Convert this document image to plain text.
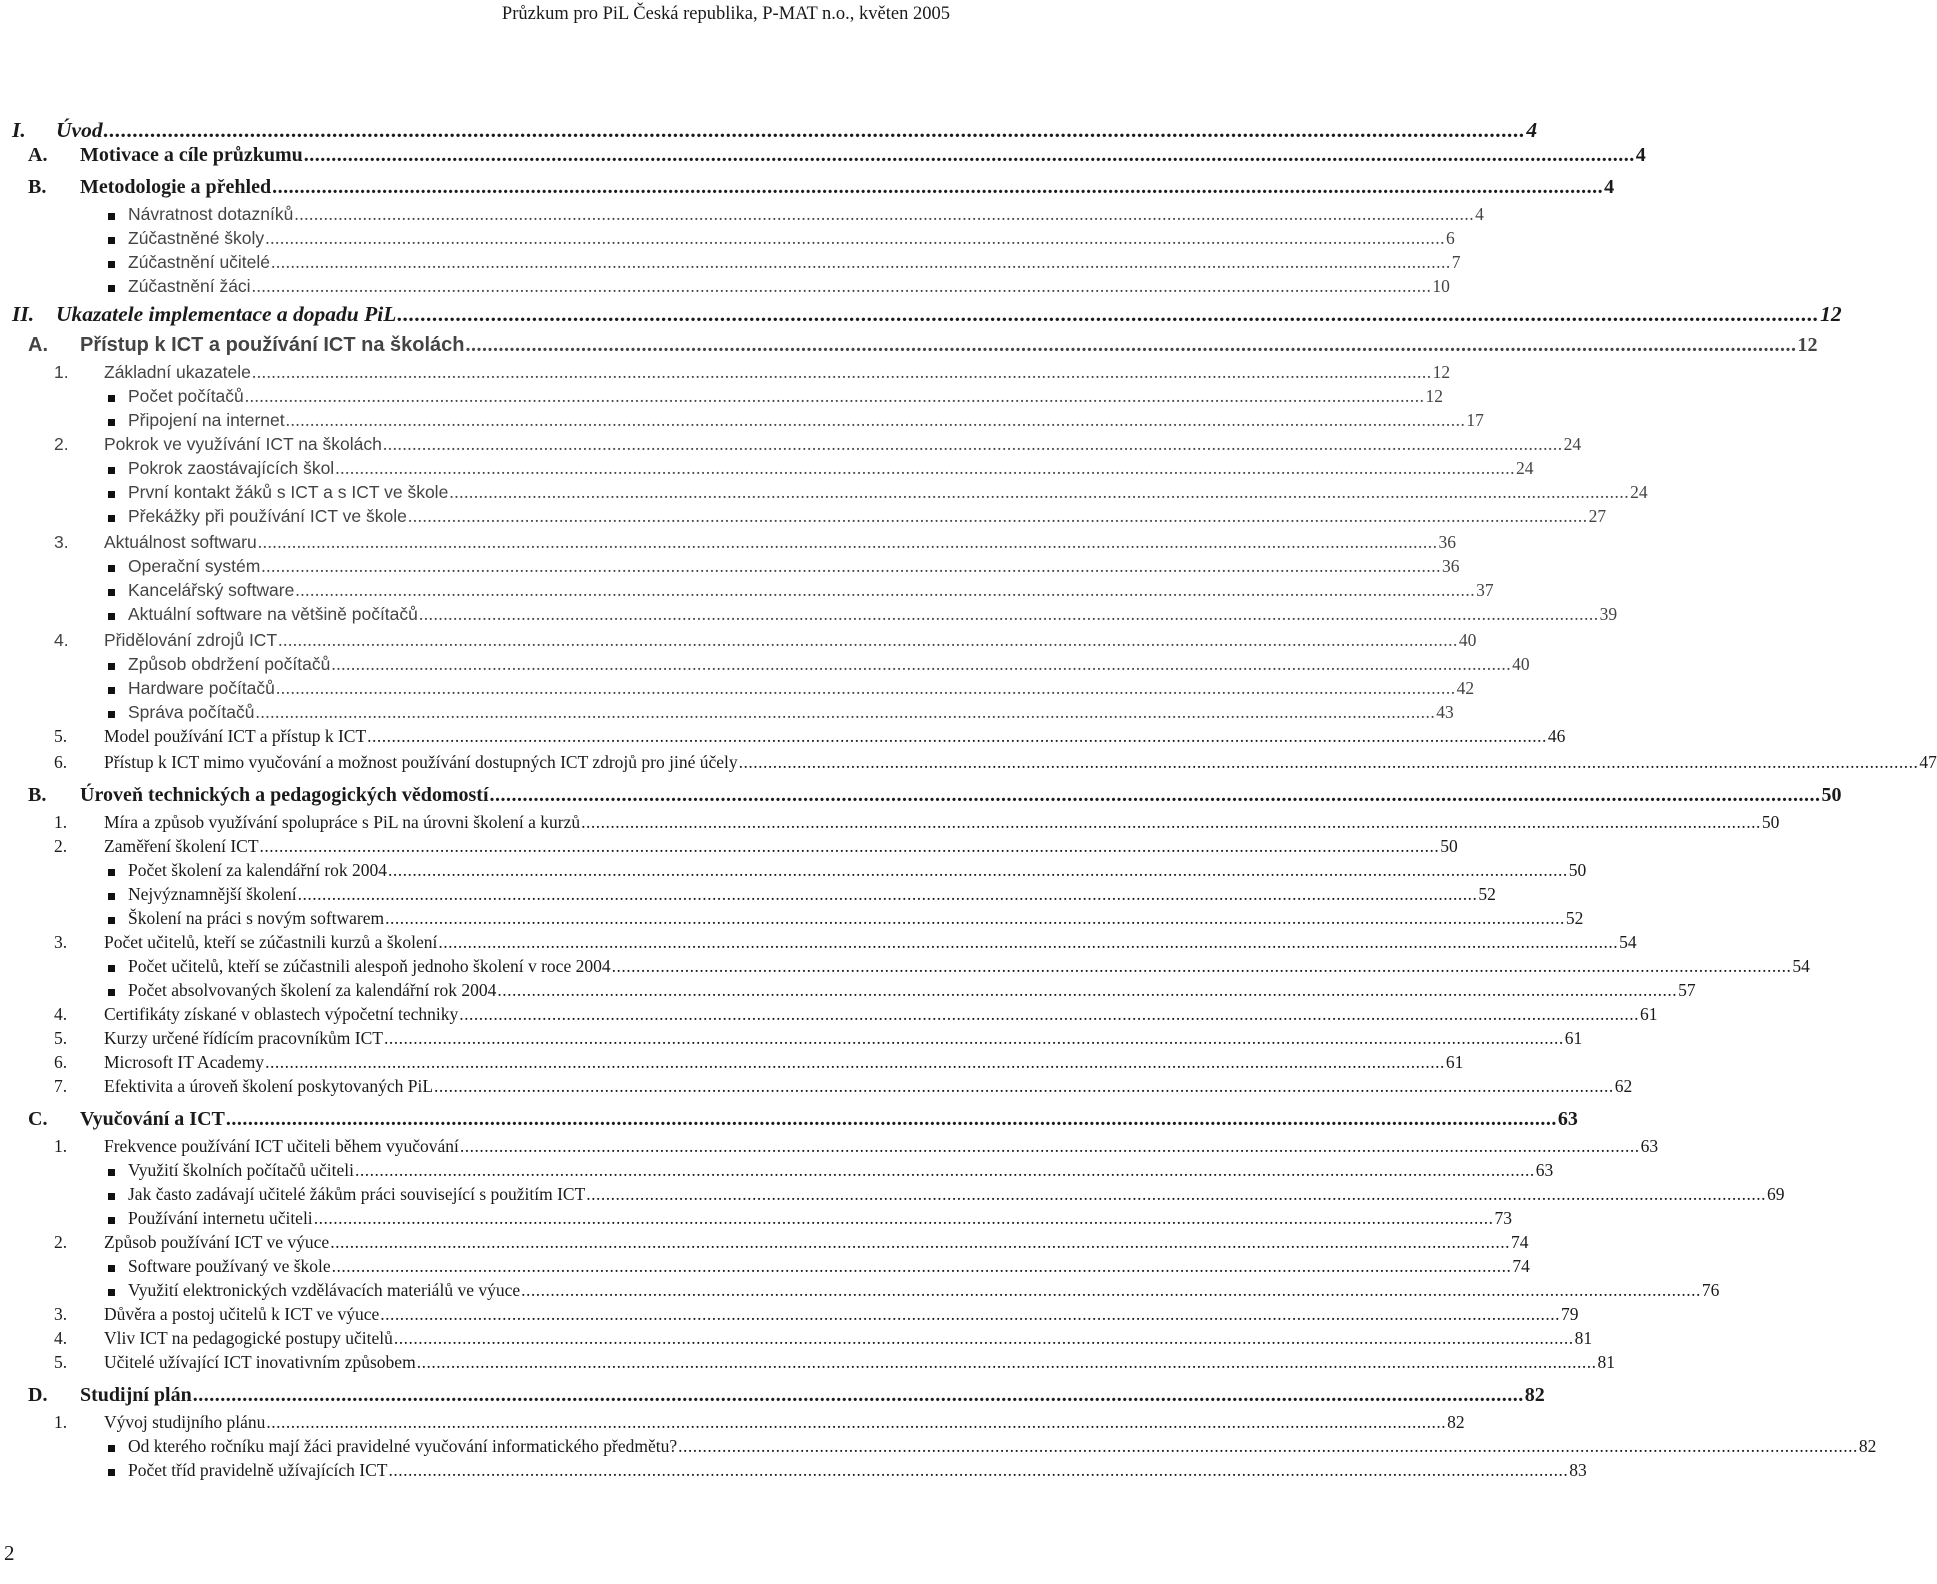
Průzkum pro PiL Česká republika, P-MAT n.o., květen 2005
I. Úvod .................................................................................................................................................................................................................................................. 4
A. Motivace a cíle průzkumu .................................................................................................................................................................................................................................................. 4
B. Metodologie a přehled .................................................................................................................................................................................................................................................. 4
Návratnost dotazníků .................................................................................................................................................................................................................................................. 4
Zúčastněné školy .................................................................................................................................................................................................................................................. 6
Zúčastnění učitelé .................................................................................................................................................................................................................................................. 7
Zúčastnění žáci .................................................................................................................................................................................................................................................. 10
II. Ukazatele implementace a dopadu PiL .................................................................................................................................................................................................................................................. 12
A. Přístup k ICT a používání ICT na školách .................................................................................................................................................................................................................................................. 12
1. Základní ukazatele .................................................................................................................................................................................................................................................. 12
Počet počítačů .................................................................................................................................................................................................................................................. 12
Připojení na internet .................................................................................................................................................................................................................................................. 17
2. Pokrok ve využívání ICT na školách .................................................................................................................................................................................................................................................. 24
Pokrok zaostávajících škol .................................................................................................................................................................................................................................................. 24
První kontakt žáků s ICT a s ICT ve škole .................................................................................................................................................................................................................................................. 24
Překážky při používání ICT ve škole .................................................................................................................................................................................................................................................. 27
3. Aktuálnost softwaru .................................................................................................................................................................................................................................................. 36
Operační systém .................................................................................................................................................................................................................................................. 36
Kancelářský software .................................................................................................................................................................................................................................................. 37
Aktuální software na většině počítačů .................................................................................................................................................................................................................................................. 39
4. Přidělování zdrojů ICT .................................................................................................................................................................................................................................................. 40
Způsob obdržení počítačů .................................................................................................................................................................................................................................................. 40
Hardware počítačů .................................................................................................................................................................................................................................................. 42
Správa počítačů .................................................................................................................................................................................................................................................. 43
5. Model používání ICT a přístup k ICT .................................................................................................................................................................................................................................................. 46
6. Přístup k ICT mimo vyučování a možnost používání dostupných ICT zdrojů pro jiné účely .................................................................................................................................................................................................................................................. 47
B. Úroveň technických a pedagogických vědomostí .................................................................................................................................................................................................................................................. 50
1. Míra a způsob využívání spolupráce s PiL na úrovni školení a kurzů .................................................................................................................................................................................................................................................. 50
2. Zaměření školení ICT .................................................................................................................................................................................................................................................. 50
Počet školení za kalendářní rok 2004 .................................................................................................................................................................................................................................................. 50
Nejvýznamnější školení .................................................................................................................................................................................................................................................. 52
Školení na práci s novým softwarem .................................................................................................................................................................................................................................................. 52
3. Počet učitelů, kteří se zúčastnili kurzů a školení .................................................................................................................................................................................................................................................. 54
Počet učitelů, kteří se zúčastnili alespoň jednoho školení v roce 2004 .................................................................................................................................................................................................................................................. 54
Počet absolvovaných školení za kalendářní rok 2004 .................................................................................................................................................................................................................................................. 57
4. Certifikáty získané v oblastech výpočetní techniky .................................................................................................................................................................................................................................................. 61
5. Kurzy určené řídícím pracovníkům ICT .................................................................................................................................................................................................................................................. 61
6. Microsoft IT Academy .................................................................................................................................................................................................................................................. 61
7. Efektivita a úroveň školení poskytovaných PiL .................................................................................................................................................................................................................................................. 62
C. Vyučování a ICT .................................................................................................................................................................................................................................................. 63
1. Frekvence používání ICT učiteli během vyučování .................................................................................................................................................................................................................................................. 63
Využití školních počítačů učiteli .................................................................................................................................................................................................................................................. 63
Jak často zadávají učitelé žákům práci související s použitím ICT .................................................................................................................................................................................................................................................. 69
Používání internetu učiteli .................................................................................................................................................................................................................................................. 73
2. Způsob používání ICT ve výuce .................................................................................................................................................................................................................................................. 74
Software používaný ve škole .................................................................................................................................................................................................................................................. 74
Využití elektronických vzdělávacích materiálů ve výuce .................................................................................................................................................................................................................................................. 76
3. Důvěra a postoj učitelů k ICT ve výuce .................................................................................................................................................................................................................................................. 79
4. Vliv ICT na pedagogické postupy učitelů .................................................................................................................................................................................................................................................. 81
5. Učitelé užívající ICT inovativním způsobem .................................................................................................................................................................................................................................................. 81
D. Studijní plán .................................................................................................................................................................................................................................................. 82
1. Vývoj studijního plánu .................................................................................................................................................................................................................................................. 82
Od kterého ročníku mají žáci pravidelné vyučování informatického předmětu? .................................................................................................................................................................................................................................................. 82
Počet tříd pravidelně užívajících ICT .................................................................................................................................................................................................................................................. 83
2
